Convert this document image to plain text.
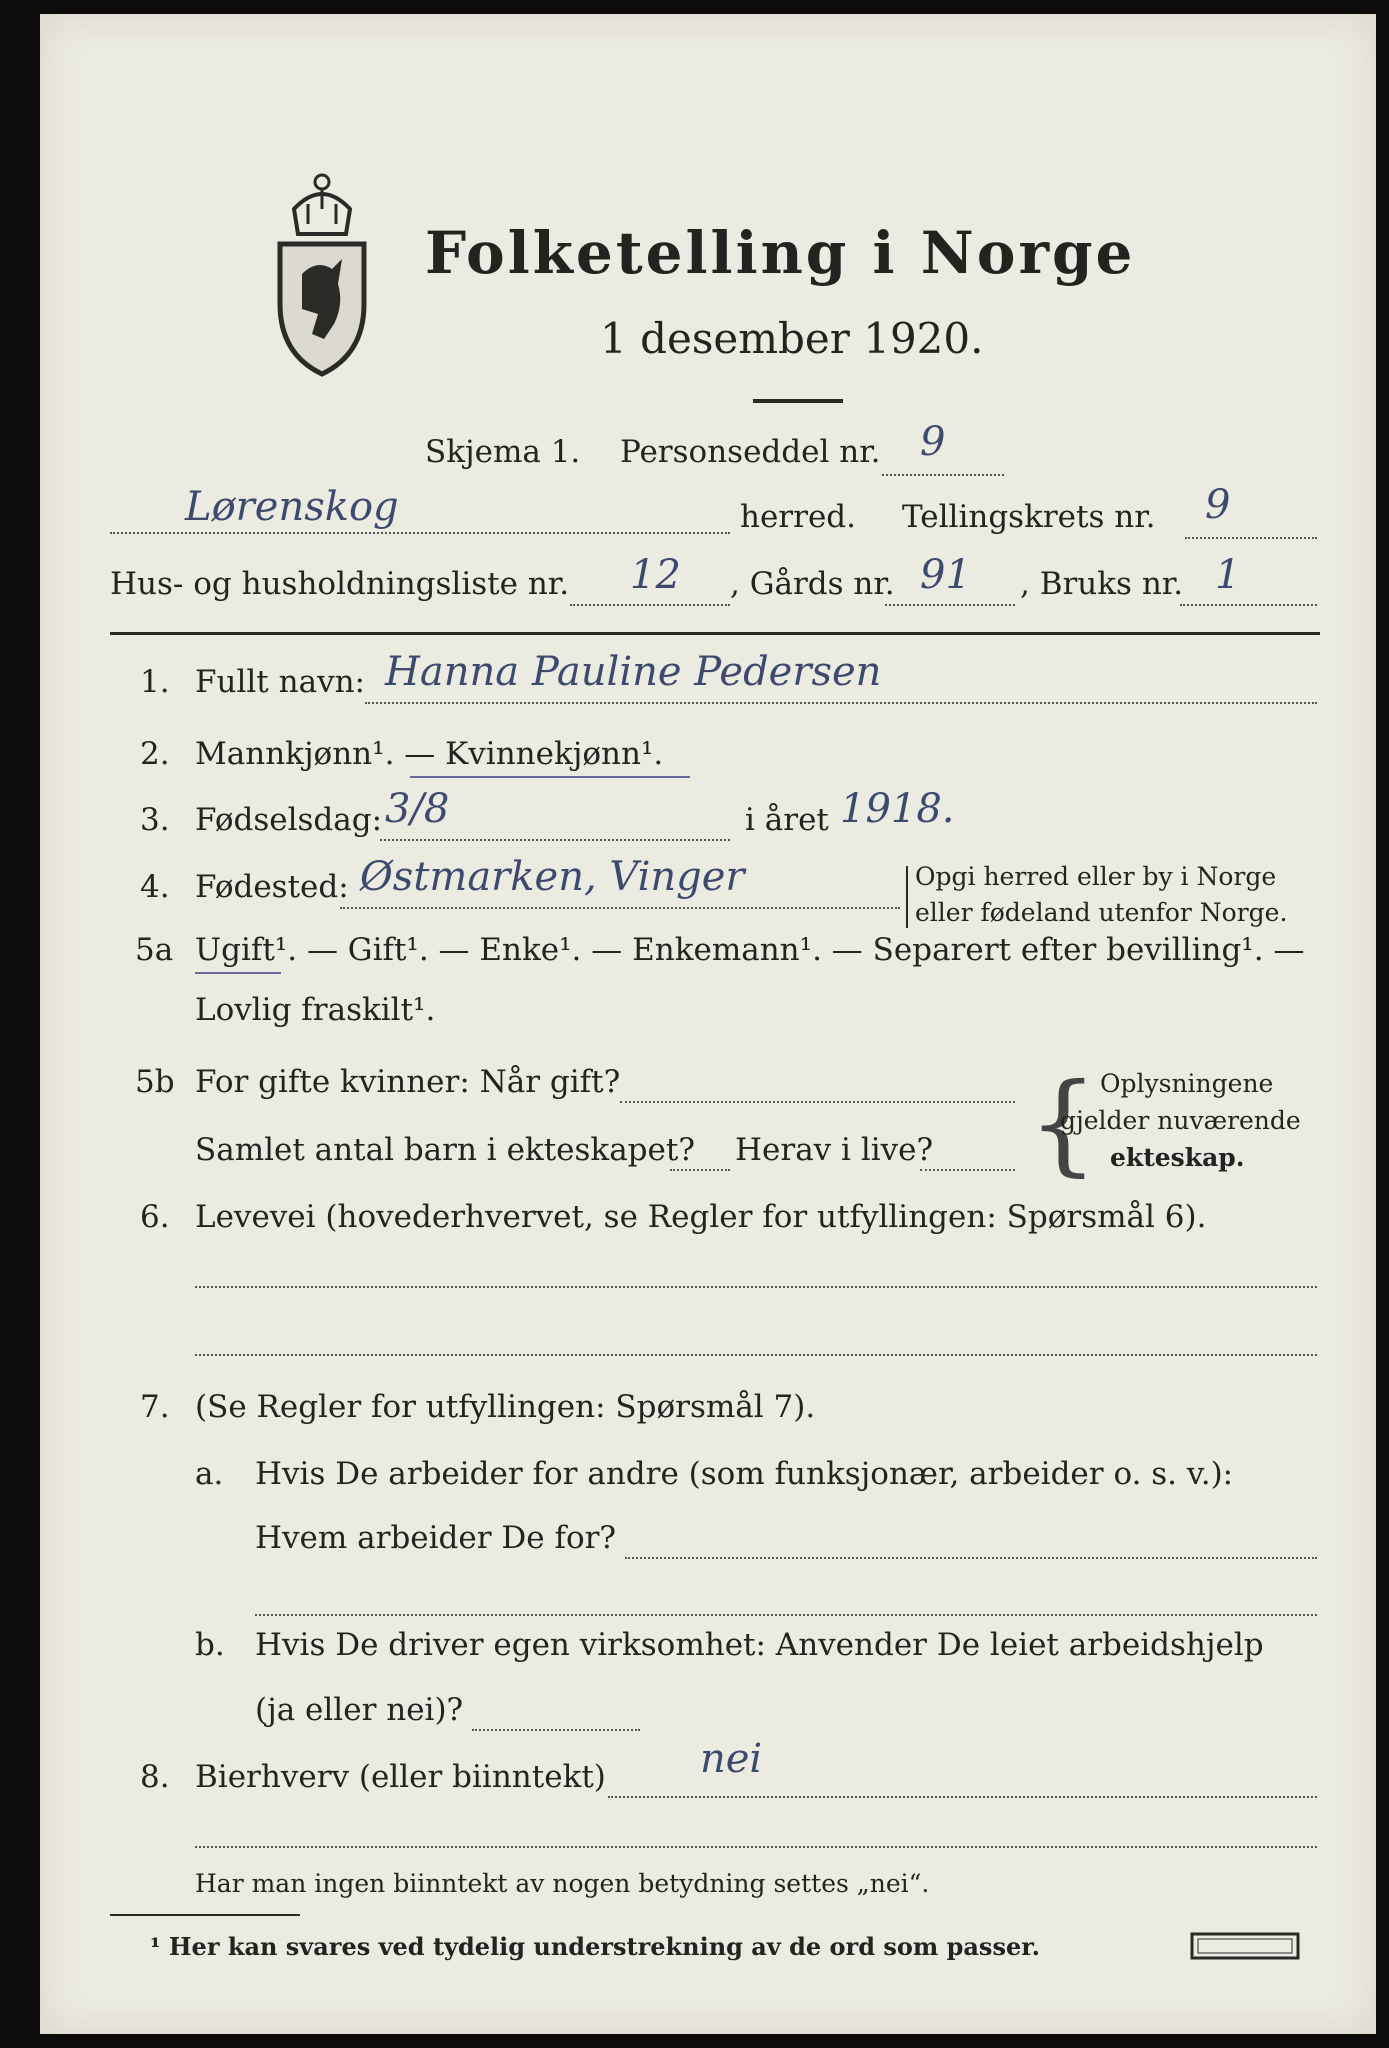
Folketelling i Norge
1 desember 1920.
Skjema 1. Personseddel nr. 9
Lørenskog	herred. Tellingskrets nr. 9
Hus- og husholdningsliste nr. 12 , Gårds nr. 91 , Bruks nr. 1
1. Fullt navn: Hanna Pauline Pedersen
2. Mannkjønn¹. — Kvinnekjønn¹.
3. Fødselsdag: 3/8	i året 1918.
4. Fødested: Østmarken, Vinger	Opgi herred eller by i Norge
eller fødeland utenfor Norge.
5a Ugift¹. — Gift¹. — Enke¹. — Enkemann¹. — Separert efter bevilling¹. —
Lovlig fraskilt¹.
5b For gifte kvinner: Når gift?
Samlet antal barn i ekteskapet? Herav i live? { Oplysningene
gjelder nuværende
ekteskap.
6. Levevei (hovederhvervet, se Regler for utfyllingen: Spørsmål 6).
7. (Se Regler for utfyllingen: Spørsmål 7).
a. Hvis De arbeider for andre (som funksjonær, arbeider o. s. v.):
Hvem arbeider De for?
b. Hvis De driver egen virksomhet: Anvender De leiet arbeidshjelp
(ja eller nei)?
8. Bierhverv (eller biinntekt) nei
Har man ingen biinntekt av nogen betydning settes „nei“.
¹ Her kan svares ved tydelig understrekning av de ord som passer.
